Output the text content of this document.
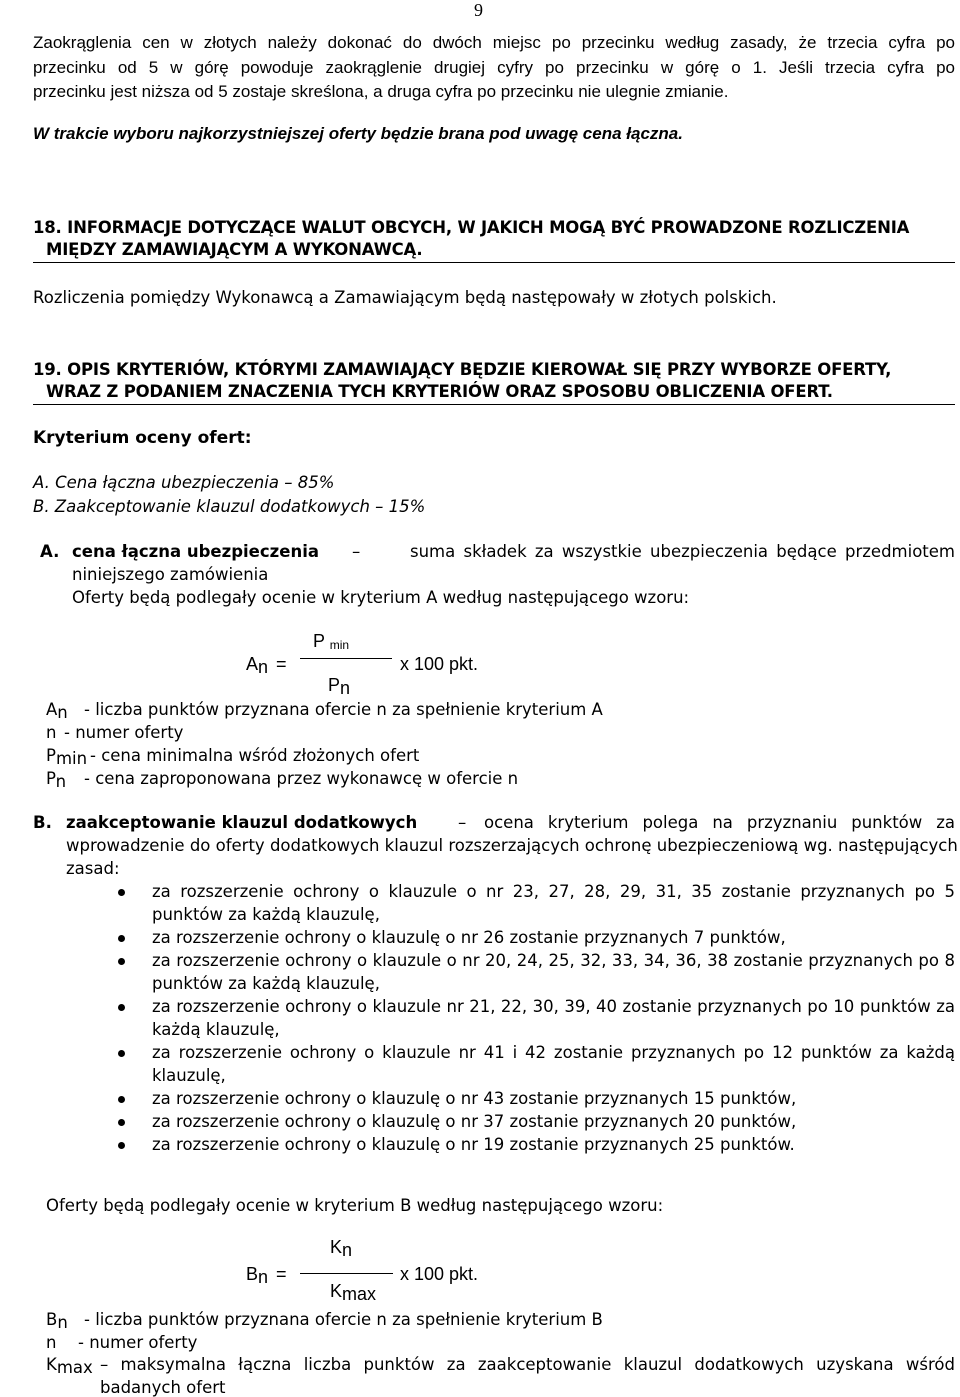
9
Zaokrąglenia cen w złotych należy dokonać do dwóch miejsc po przecinku według zasady, że trzecia cyfra po
przecinku od 5 w górę powoduje zaokrąglenie drugiej cyfry po przecinku w górę o 1. Jeśli trzecia cyfra po
przecinku jest niższa od 5 zostaje skreślona, a druga cyfra po przecinku nie ulegnie zmianie.
W trakcie wyboru najkorzystniejszej oferty będzie brana pod uwagę cena łączna.
18. INFORMACJE DOTYCZĄCE WALUT OBCYCH, W JAKICH MOGĄ BYĆ PROWADZONE ROZLICZENIA
MIĘDZY ZAMAWIAJĄCYM A WYKONAWCĄ.
Rozliczenia pomiędzy Wykonawcą a Zamawiającym będą następowały w złotych polskich.
19. OPIS KRYTERIÓW, KTÓRYMI ZAMAWIAJĄCY BĘDZIE KIEROWAŁ SIĘ PRZY WYBORZE OFERTY,
WRAZ Z PODANIEM ZNACZENIA TYCH KRYTERIÓW ORAZ SPOSOBU OBLICZENIA OFERT.
Kryterium oceny ofert:
A. Cena łączna ubezpieczenia – 85%
B. Zaakceptowanie klauzul dodatkowych – 15%
A. cena łączna ubezpieczenia –	suma składek za wszystkie ubezpieczenia będące przedmiotem
niniejszego zamówienia
Oferty będą podlegały ocenie w kryterium A według następującego wzoru:
An =
P min
Pn
x 100 pkt.
An - liczba punktów przyznana ofercie n za spełnienie kryterium A
n - numer oferty
Pmin - cena minimalna wśród złożonych ofert
Pn - cena zaproponowana przez wykonawcę w ofercie n
B. zaakceptowanie klauzul dodatkowych – ocena kryterium polega na przyznaniu punktów za
wprowadzenie do oferty dodatkowych klauzul rozszerzających ochronę ubezpieczeniową wg. następujących
zasad:
za rozszerzenie ochrony o klauzule o nr 23, 27, 28, 29, 31, 35 zostanie przyznanych po 5
punktów za każdą klauzulę,
za rozszerzenie ochrony o klauzulę o nr 26 zostanie przyznanych 7 punktów,
za rozszerzenie ochrony o klauzule o nr 20, 24, 25, 32, 33, 34, 36, 38 zostanie przyznanych po 8
punktów za każdą klauzulę,
za rozszerzenie ochrony o klauzule nr 21, 22, 30, 39, 40 zostanie przyznanych po 10 punktów za
każdą klauzulę,
za rozszerzenie ochrony o klauzule nr 41 i 42 zostanie przyznanych po 12 punktów za każdą
klauzulę,
za rozszerzenie ochrony o klauzulę o nr 43 zostanie przyznanych 15 punktów,
za rozszerzenie ochrony o klauzulę o nr 37 zostanie przyznanych 20 punktów,
za rozszerzenie ochrony o klauzulę o nr 19 zostanie przyznanych 25 punktów.
Oferty będą podlegały ocenie w kryterium B według następującego wzoru:
Bn =
Kn
Kmax
x 100 pkt.
Bn - liczba punktów przyznana ofercie n za spełnienie kryterium B
n - numer oferty
Kmax – maksymalna łączna liczba punktów za zaakceptowanie klauzul dodatkowych uzyskana wśród
badanych ofert
